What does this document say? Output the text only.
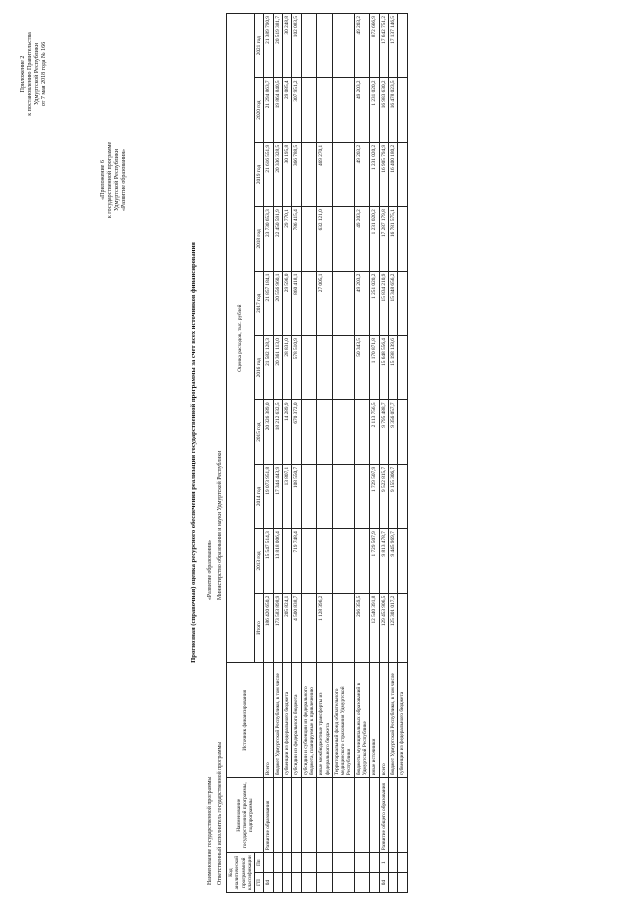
Приложение 2 к постановлению Правительства Удмуртской Республики от 7 мая 2018 года № 166
«Приложение 6 к государственной программе Удмуртской Республики «Развитие образования»
Прогнозная (справочная) оценка ресурсного обеспечения реализации государственной программы за счет всех источников финансирования
Наименование государственной программы
«Развитие образования»
Ответственный исполнитель государственной программы
Министерство образования и науки Удмуртской Республики
Код аналитической программной классификации		Наименование государственной программы, подпрограммы	Источник финансирования	Оценка расходов, тыс. рублей									
ГП	Пп			Итого	2013 год	2014 год	2015 год	2016 год	2017 год	2018 год	2019 год	2020 год	2021 год

04		Развитие образования	Всего	186 420 650,2	15 547 514,3	19 073 951,8	20 326 389,0	21 582 128,3	21 857 184,1	23 730 653,3	21 616 551,9	21 294 863,7	21 389 790,9
			бюджет Удмуртской Республики, в том числе	173 583 898,9	13 818 006,4	17 344 443,9	18 212 632,5	20 361 113,0	20 556 960,1	22 450 591,9	20 336 328,5	19 864 840,5	20 519 381,7
			субвенции из федерального бюджета	205 824,1		13 807,1	14 289,9	28 831,0	29 596,0	29 770,1	30 195,8	29 085,4	30 248,8
			субсидии из федерального бюджета	4 500 838,7	719 748,4	108 550,7	670 372,0	578 510,9	860 418,1	786 415,4	366 788,5	307 951,2	102 083,5
			субсидии и субвенции из федерального бюджета, планируемые к привлечению										
			иные межбюджетные трансферты из федерального бюджета	1 128 396,2					27 005,1	632 121,0	469 270,1		
			Территориальный фонд обязательного медицинского страхования Удмуртской Республики										
			бюджеты муниципальных образований в Удмуртской Республике	296 359,5				50 343,5	49 203,2	49 203,2	49 203,2	49 203,2	49 203,2
			иные источники	12 540 391,8	1 729 507,9	1 729 507,9	2 113 756,5	1 170 871,8	1 251 020,2	1 231 020,2	1 231 020,2	1 231 020,2	872 666,9
04	1	Развитие общего образования	всего	129 453 906,5	9 813 478,7	9 522 815,7	9 795 488,7	15 648 556,4	15 834 210,9	17 287 179,8	16 905 794,9	16 983 630,2	17 642 751,2
			бюджет Удмуртской Республики, в том числе	125 301 017,2	9 445 969,7	9 155 306,7	9 356 057,7	15 198 139,6	15 348 656,2	16 781 575,1	16 400 180,2	16 478 023,5	17 137 146,5
			субвенции из федерального бюджета										
